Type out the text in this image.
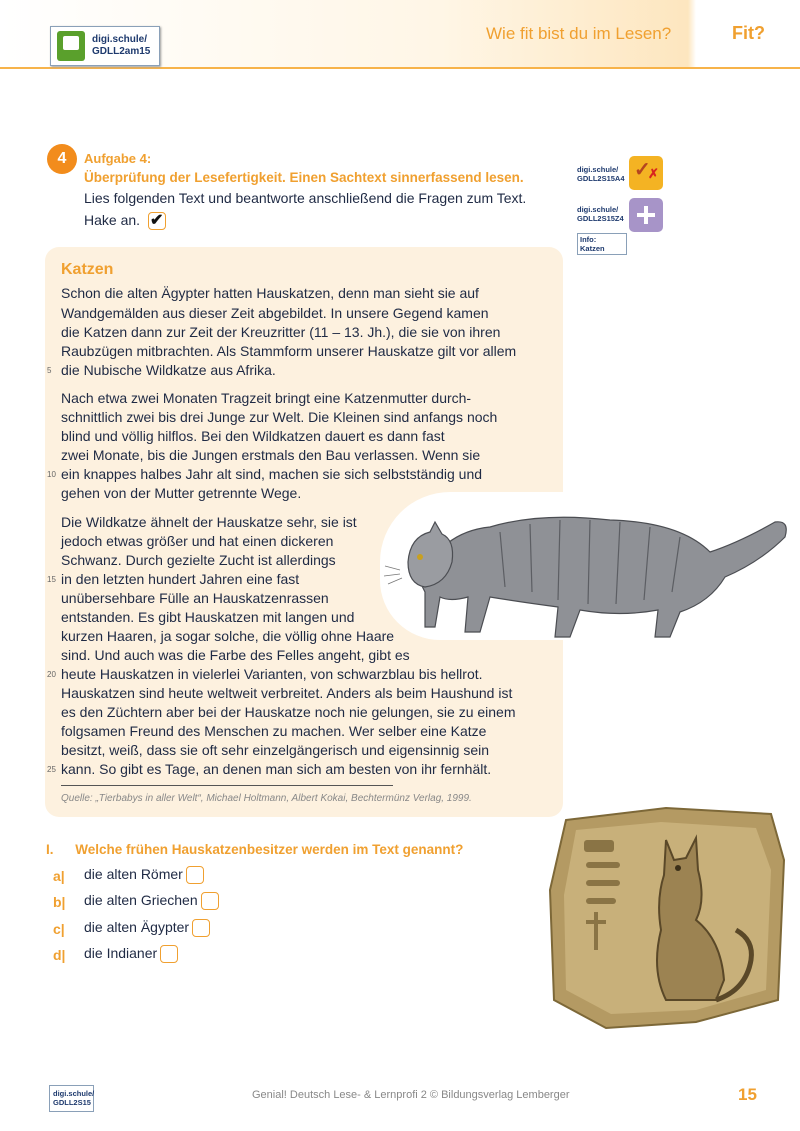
digi.schule/
GDLL2am15
Wie fit bist du im Lesen?	Fit?
4	Aufgabe 4:
Überprüfung der Lesefertigkeit. Einen Sachtext sinnerfassend lesen.
Lies folgenden Text und beantworte anschließend die Fragen zum Text.
Hake an. ✔
digi.schule/
GDLL2S15A4
✓ ✗
digi.schule/
GDLL2S15Z4
Info:
Katzen
Katzen
Schon die alten Ägypter hatten Hauskatzen, denn man sieht sie auf
Wandgemälden aus dieser Zeit abgebildet. In unsere Gegend kamen
die Katzen dann zur Zeit der Kreuzritter (11 – 13. Jh.), die sie von ihren
Raubzügen mitbrachten. Als Stammform unserer Hauskatze gilt vor allem
die Nubische Wildkatze aus Afrika.
5
Nach etwa zwei Monaten Tragzeit bringt eine Katzenmutter durch-
schnittlich zwei bis drei Junge zur Welt. Die Kleinen sind anfangs noch
blind und völlig hilflos. Bei den Wildkatzen dauert es dann fast
zwei Monate, bis die Jungen erstmals den Bau verlassen. Wenn sie
ein knappes halbes Jahr alt sind, machen sie sich selbstständig und
10
gehen von der Mutter getrennte Wege.
Die Wildkatze ähnelt der Hauskatze sehr, sie ist
jedoch etwas größer und hat einen dickeren
Schwanz. Durch gezielte Zucht ist allerdings
in den letzten hundert Jahren eine fast
15
unübersehbare Fülle an Hauskatzenrassen
entstanden. Es gibt Hauskatzen mit langen und
kurzen Haaren, ja sogar solche, die völlig ohne Haare
sind. Und auch was die Farbe des Felles angeht, gibt es
heute Hauskatzen in vielerlei Varianten, von schwarzblau bis hellrot.
20
Hauskatzen sind heute weltweit verbreitet. Anders als beim Haushund ist
es den Züchtern aber bei der Hauskatze noch nie gelungen, sie zu einem
folgsamen Freund des Menschen zu machen. Wer selber eine Katze
besitzt, weiß, dass sie oft sehr einzelgängerisch und eigensinnig sein
kann. So gibt es Tage, an denen man sich am besten von ihr fernhält.
25
Quelle: „Tierbabys in aller Welt“, Michael Holtmann, Albert Kokai, Bechtermünz Verlag, 1999.
I. Welche frühen Hauskatzenbesitzer werden im Text genannt?
a| die alten Römer
b| die alten Griechen
c| die alten Ägypter
d| die Indianer
digi.schule/
GDLL2S15
Genial! Deutsch Lese- & Lernprofi 2 © Bildungsverlag Lemberger	15
